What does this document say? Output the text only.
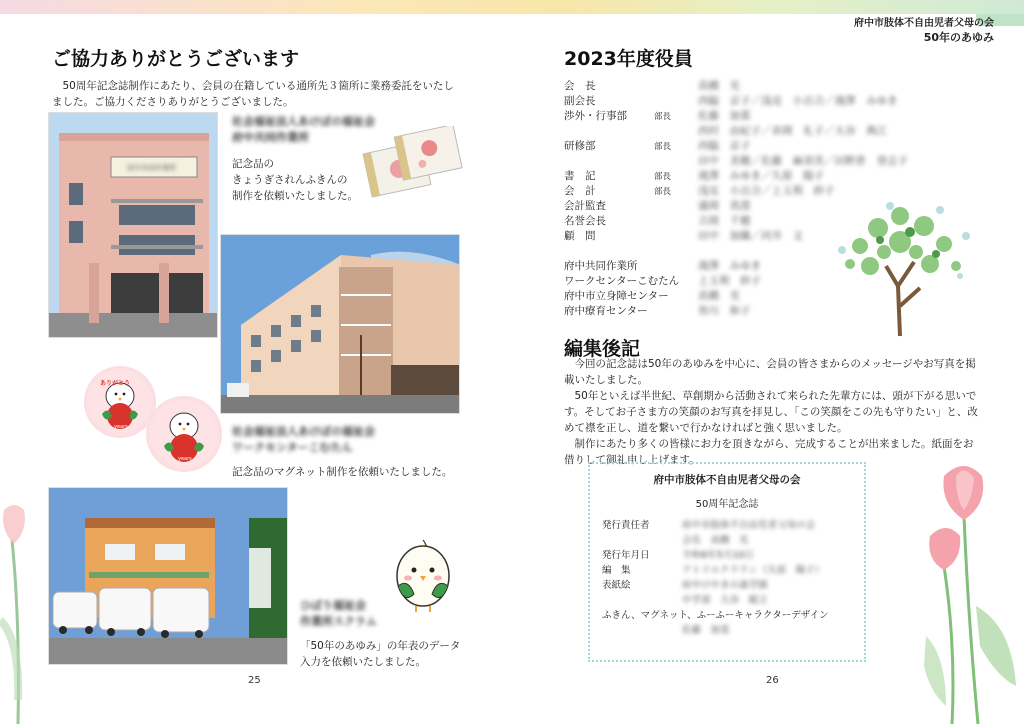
府中市肢体不自由児者父母の会
50年のあゆみ
ご協力ありがとうございます
50周年記念誌制作にあたり、会員の在籍している通所先３箇所に業務委託をいたしました。ご協力くださりありがとうございました。
府中共同作業所
社会福祉法人あけぼの福祉会
府中共同作業所
記念品の
きょうぎされんふきんの
制作を依頼いたしました。
50
ありがとう
years
50
years
社会福祉法人あけぼの福祉会
ワークセンターこむたん
記念品のマグネット制作を依頼いたしました。
ひばり福祉会
作業所スクラム
「50年のあゆみ」の年表のデータ
入力を依頼いたしました。
25
2023年度役員
会　長	高橋　光
副会長	西脇　京子／浅見　小百合／滝澤　みゆき
渉外・行事部	部長	佐藤　加菜
西村　由紀子／赤岡　礼子／大谷　典江
研修部	部長	西脇　京子
田中　美穂／佐藤　麻須美／田野倉　登志子
書　記	部長	滝澤　みゆき／久原　陽子
会　計	部長	浅見　小百合／上玉利　紗子
会計監査	盛岡　真澄
名誉会長	吉岡　千穂
顧　問	田中　加織／河井　文
府中共同作業所	滝澤　みゆき
ワークセンターこむたん	上玉利　紗子
府中市立身障センター	高橋　光
府中療育センター	皆川　和子
編集後記
今回の記念誌は50年のあゆみを中心に、会員の皆さまからのメッセージやお写真を掲載いたしました。
50年といえば半世紀、草創期から活動されて来られた先輩方には、頭が下がる思いです。そしてお子さま方の笑顔のお写真を拝見し、「この笑顔をこの先も守りたい」と、改めて襟を正し、道を繋いで行かなければと強く思いました。
制作にあたり多くの皆様にお力を頂きながら、完成することが出来ました。紙面をお借りして御礼申し上げます。
府中市肢体不自由児者父母の会
50周年記念誌
発行責任者	府中市肢体不自由児者父母の会
会長　高橋　光
発行年月日	令和6年5月10日
編　集	アトリエクララン（久原　陽子）
表紙絵	府中けやきの森学園
中学部　大谷　暖言
ふきん、マグネット、ふーふーキャラクターデザイン
佐藤　加菜
26
